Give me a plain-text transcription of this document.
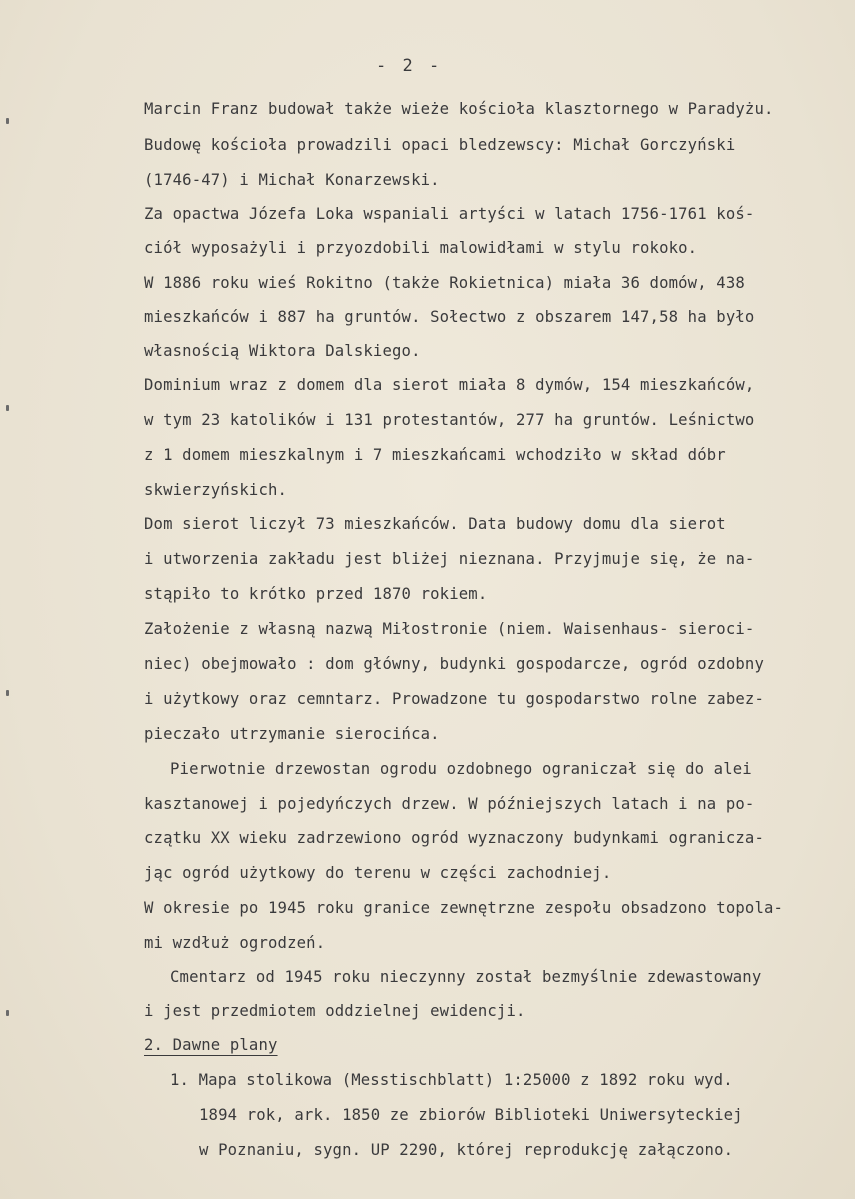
- 2 -
Marcin Franz budował także wieże kościoła klasztornego w Paradyżu.
Budowę kościoła prowadzili opaci bledzewscy: Michał Gorczyński
(1746-47) i Michał Konarzewski.
Za opactwa Józefa Loka wspaniali artyści w latach 1756-1761 koś-
ciół wyposażyli i przyozdobili malowidłami w stylu rokoko.
W 1886 roku wieś Rokitno (także Rokietnica) miała 36 domów, 438
mieszkańców i 887 ha gruntów. Sołectwo z obszarem 147,58 ha było
własnością Wiktora Dalskiego.
Dominium wraz z domem dla sierot miała 8 dymów, 154 mieszkańców,
w tym 23 katolików i 131 protestantów, 277 ha gruntów. Leśnictwo
z 1 domem mieszkalnym i 7 mieszkańcami wchodziło w skład dóbr
skwierzyńskich.
Dom sierot liczył 73 mieszkańców. Data budowy domu dla sierot
i utworzenia zakładu jest bliżej nieznana. Przyjmuje się, że na-
stąpiło to krótko przed 1870 rokiem.
Założenie z własną nazwą Miłostronie (niem. Waisenhaus- sieroci-
niec) obejmowało : dom główny, budynki gospodarcze, ogród ozdobny
i użytkowy oraz cemntarz. Prowadzone tu gospodarstwo rolne zabez-
pieczało utrzymanie sierocińca.
Pierwotnie drzewostan ogrodu ozdobnego ograniczał się do alei
kasztanowej i pojedyńczych drzew. W późniejszych latach i na po-
czątku XX wieku zadrzewiono ogród wyznaczony budynkami ogranicza-
jąc ogród użytkowy do terenu w części zachodniej.
W okresie po 1945 roku granice zewnętrzne zespołu obsadzono topola-
mi wzdłuż ogrodzeń.
Cmentarz od 1945 roku nieczynny został bezmyślnie zdewastowany
i jest przedmiotem oddzielnej ewidencji.
2. Dawne plany
1. Mapa stolikowa (Messtischblatt) 1:25000 z 1892 roku wyd.
1894 rok, ark. 1850 ze zbiorów Biblioteki Uniwersyteckiej
w Poznaniu, sygn. UP 2290, której reprodukcję załączono.
